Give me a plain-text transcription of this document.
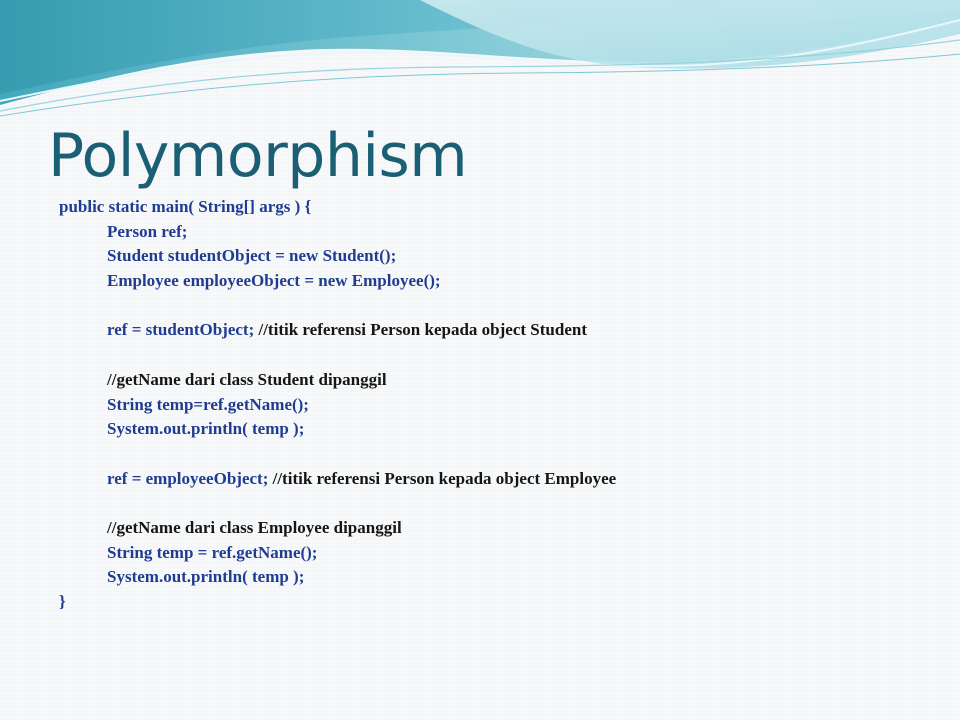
Polymorphism
public static main( String[] args ) {
Person ref;
Student studentObject = new Student();
Employee employeeObject = new Employee();
ref = studentObject; //titik referensi Person kepada object Student
//getName dari class Student dipanggil
String temp=ref.getName();
System.out.println( temp );
ref = employeeObject; //titik referensi Person kepada object Employee
//getName dari class Employee dipanggil
String temp = ref.getName();
System.out.println( temp );
}
